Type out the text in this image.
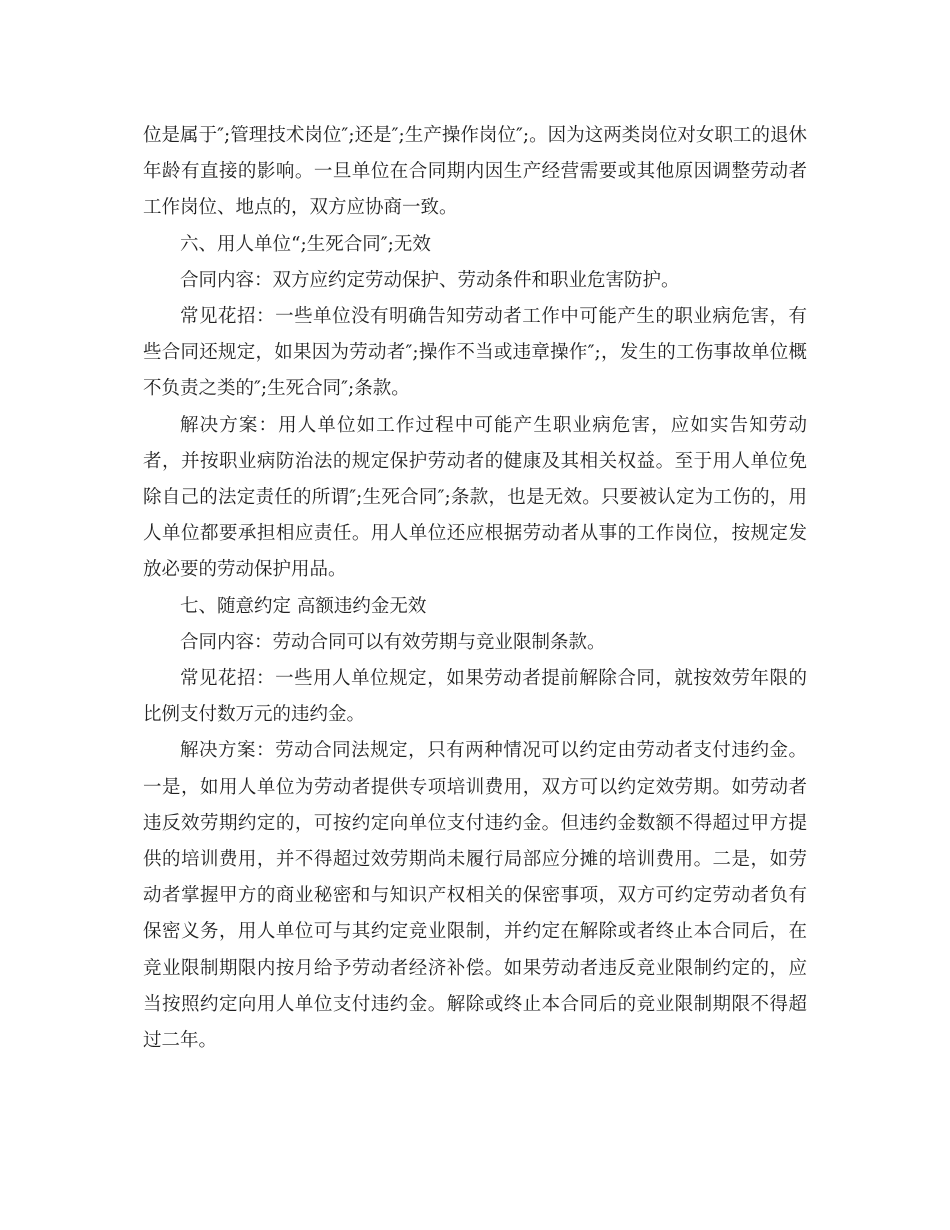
位是属于″;管理技术岗位″;还是″;生产操作岗位″;。因为这两类岗位对女职工的退休年龄有直接的影响。一旦单位在合同期内因生产经营需要或其他原因调整劳动者工作岗位、地点的，双方应协商一致。

六、用人单位“;生死合同″;无效

合同内容：双方应约定劳动保护、劳动条件和职业危害防护。

常见花招：一些单位没有明确告知劳动者工作中可能产生的职业病危害，有些合同还规定，如果因为劳动者″;操作不当或违章操作″;，发生的工伤事故单位概不负责之类的″;生死合同″;条款。

解决方案：用人单位如工作过程中可能产生职业病危害，应如实告知劳动者，并按职业病防治法的规定保护劳动者的健康及其相关权益。至于用人单位免除自己的法定责任的所谓″;生死合同″;条款，也是无效。只要被认定为工伤的，用人单位都要承担相应责任。用人单位还应根据劳动者从事的工作岗位，按规定发放必要的劳动保护用品。

七、随意约定 高额违约金无效

合同内容：劳动合同可以有效劳期与竞业限制条款。

常见花招：一些用人单位规定，如果劳动者提前解除合同，就按效劳年限的比例支付数万元的违约金。

解决方案：劳动合同法规定，只有两种情况可以约定由劳动者支付违约金。一是，如用人单位为劳动者提供专项培训费用，双方可以约定效劳期。如劳动者违反效劳期约定的，可按约定向单位支付违约金。但违约金数额不得超过甲方提供的培训费用，并不得超过效劳期尚未履行局部应分摊的培训费用。二是，如劳动者掌握甲方的商业秘密和与知识产权相关的保密事项，双方可约定劳动者负有保密义务，用人单位可与其约定竞业限制，并约定在解除或者终止本合同后，在竞业限制期限内按月给予劳动者经济补偿。如果劳动者违反竞业限制约定的，应当按照约定向用人单位支付违约金。解除或终止本合同后的竞业限制期限不得超过二年。
